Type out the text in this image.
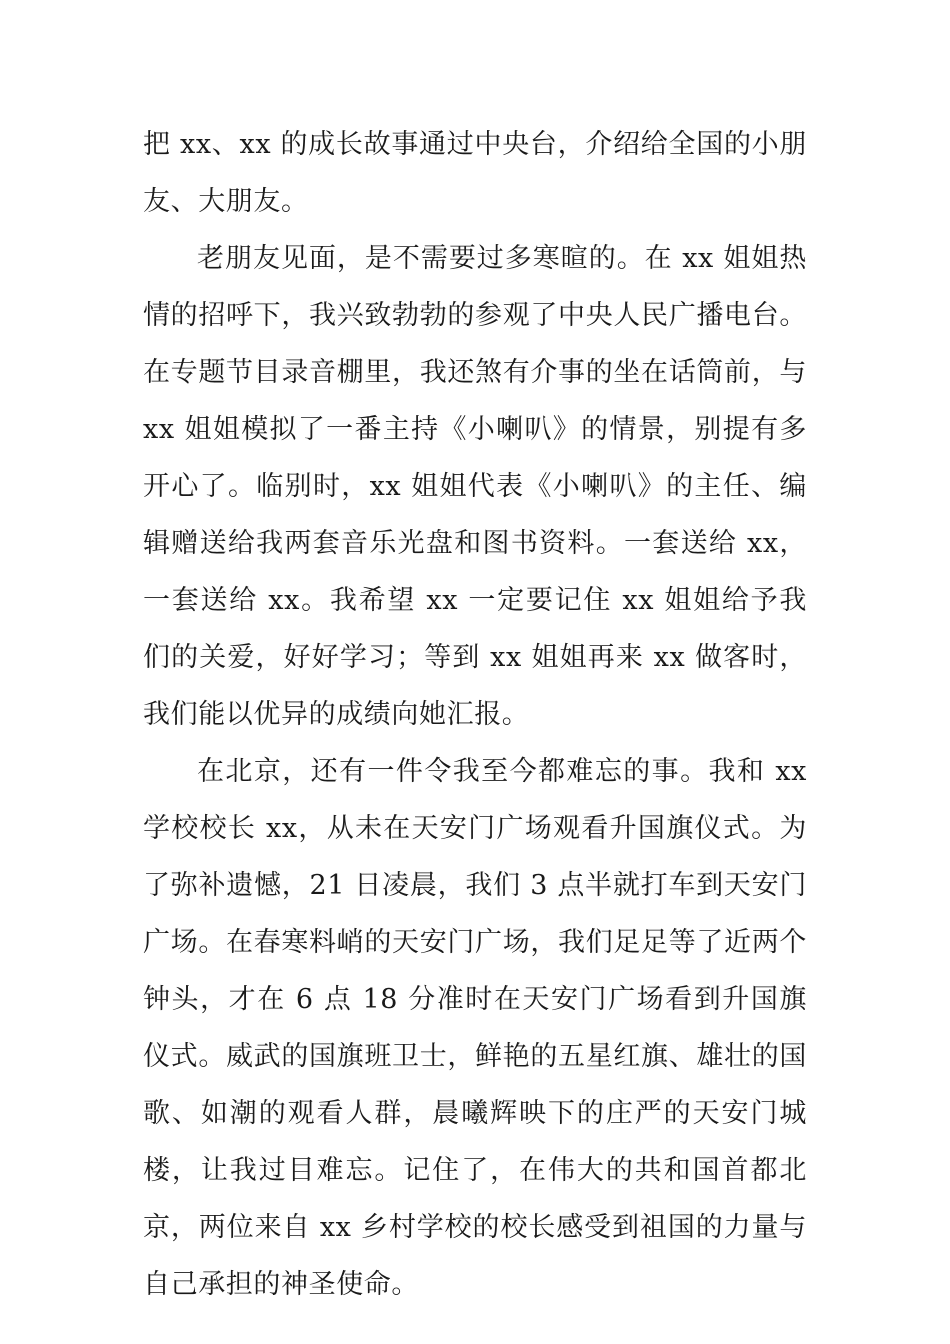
把 xx、xx 的成长故事通过中央台，介绍给全国的小朋友、大朋友。

老朋友见面，是不需要过多寒暄的。在 xx 姐姐热情的招呼下，我兴致勃勃的参观了中央人民广播电台。在专题节目录音棚里，我还煞有介事的坐在话筒前，与 xx 姐姐模拟了一番主持《小喇叭》的情景，别提有多开心了。临别时，xx 姐姐代表《小喇叭》的主任、编辑赠送给我两套音乐光盘和图书资料。一套送给 xx，一套送给 xx。我希望 xx 一定要记住 xx 姐姐给予我们的关爱，好好学习；等到 xx 姐姐再来 xx 做客时，我们能以优异的成绩向她汇报。

在北京，还有一件令我至今都难忘的事。我和 xx 学校校长 xx，从未在天安门广场观看升国旗仪式。为了弥补遗憾，21 日凌晨，我们 3 点半就打车到天安门广场。在春寒料峭的天安门广场，我们足足等了近两个钟头，才在 6 点 18 分准时在天安门广场看到升国旗仪式。威武的国旗班卫士，鲜艳的五星红旗、雄壮的国歌、如潮的观看人群，晨曦辉映下的庄严的天安门城楼，让我过目难忘。记住了，在伟大的共和国首都北京，两位来自 xx 乡村学校的校长感受到祖国的力量与自己承担的神圣使命。
